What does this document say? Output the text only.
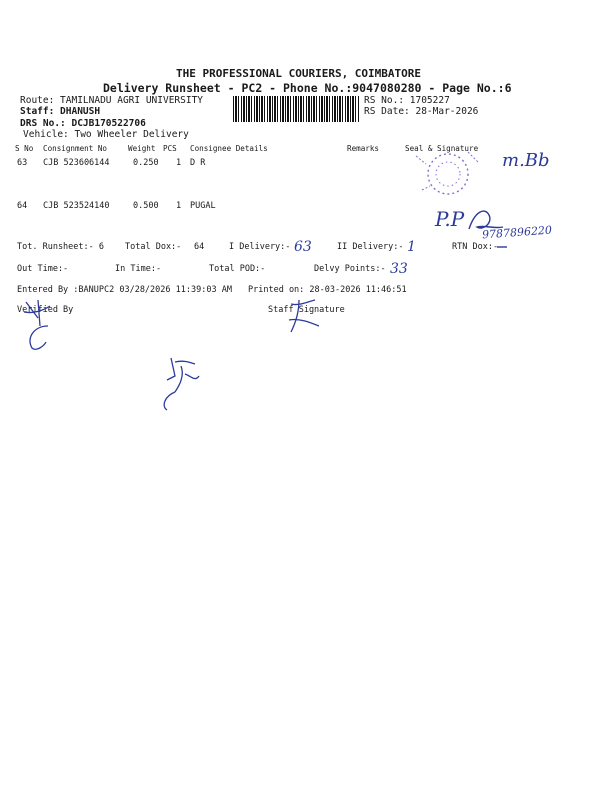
THE PROFESSIONAL COURIERS, COIMBATORE
Delivery Runsheet - PC2 - Phone No.:9047080280 - Page No.:6
Route: TAMILNADU AGRI UNIVERSITY
Staff: DHANUSH
DRS No.: DCJB170522706
Vehicle: Two Wheeler Delivery
RS No.: 1705227
RS Date: 28-Mar-2026
S No Consignment No	Weight PCS Consignee Details	Remarks	Seal & Signature
63 CJB 523606144	0.250 1 D R
64 CJB 523524140	0.500 1 PUGAL
m.Bb
P.P
9787896220
Tot. Runsheet:- 6 Total Dox:- 64	I Delivery:- 63	II Delivery:- 1	RTN Dox:-
Out Time:-	In Time:-	Total POD:-	Delvy Points:- 33
Entered By :BANUPC2 03/28/2026 11:39:03 AM Printed on: 28-03-2026 11:46:51
Verified By	Staff Signature
